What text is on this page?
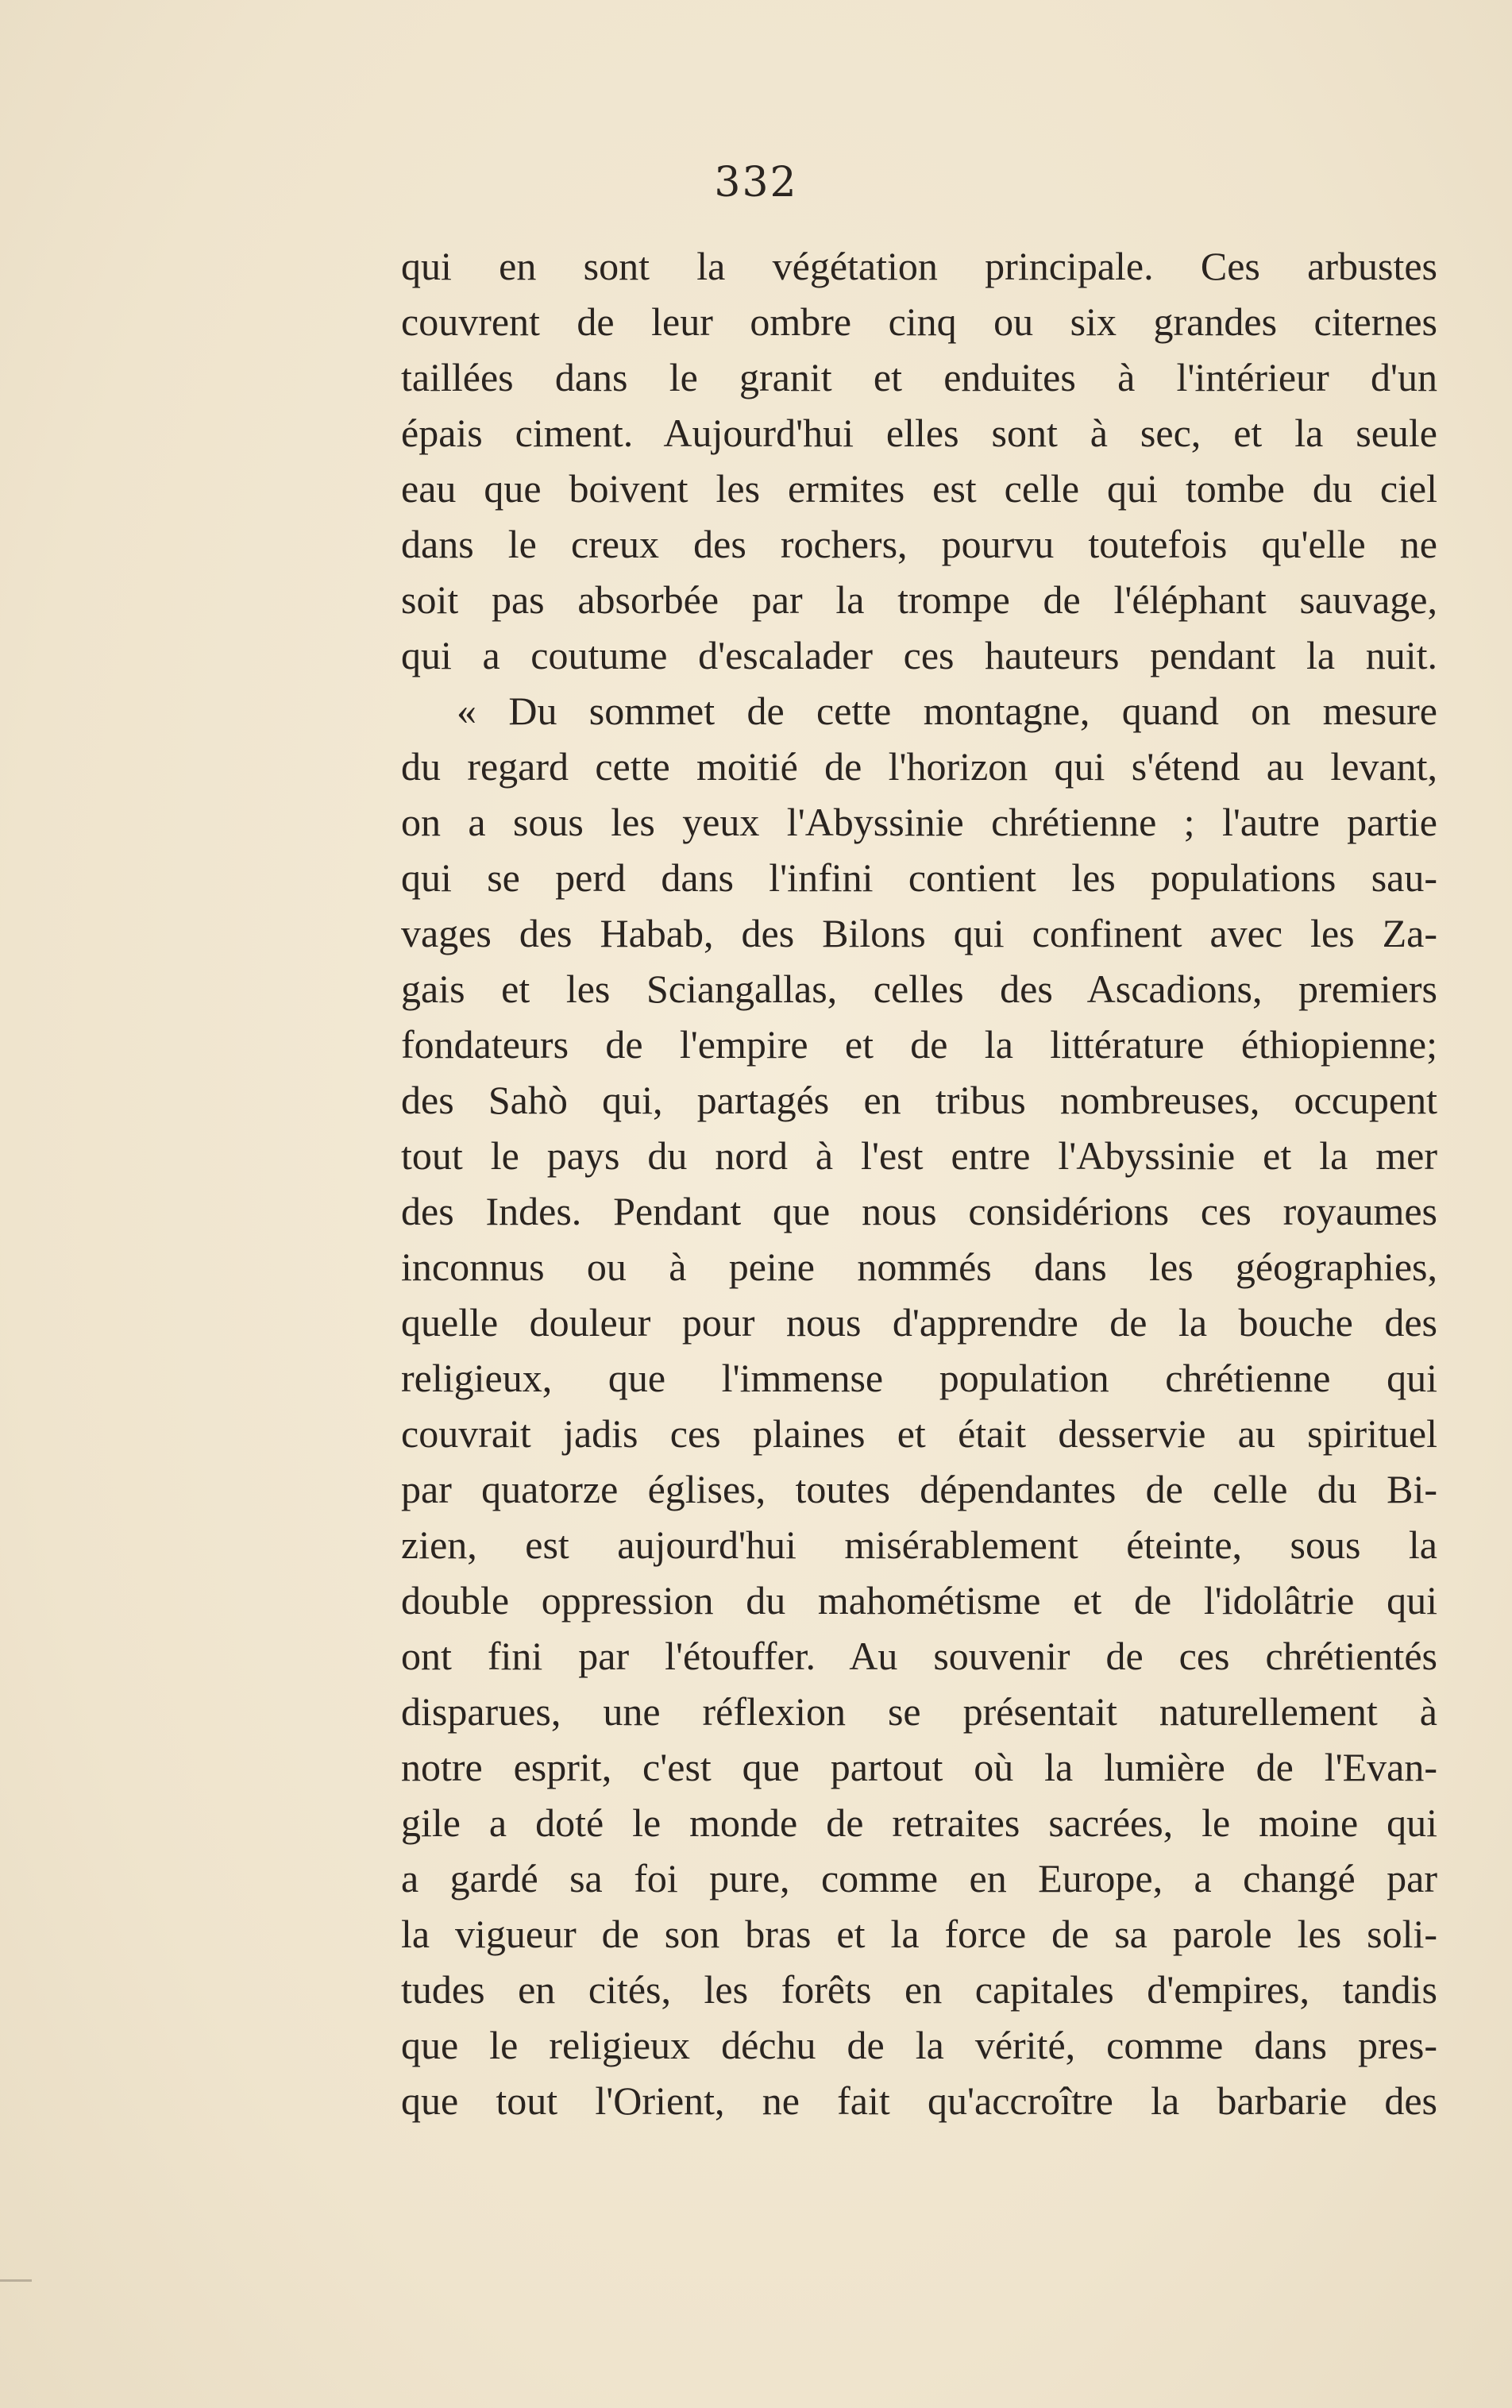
332
qui en sont la végétation principale. Ces arbustes
couvrent de leur ombre cinq ou six grandes citernes
taillées dans le granit et enduites à l'intérieur d'un
épais ciment. Aujourd'hui elles sont à sec, et la seule
eau que boivent les ermites est celle qui tombe du ciel
dans le creux des rochers, pourvu toutefois qu'elle ne
soit pas absorbée par la trompe de l'éléphant sauvage,
qui a coutume d'escalader ces hauteurs pendant la nuit.
« Du sommet de cette montagne, quand on mesure
du regard cette moitié de l'horizon qui s'étend au levant,
on a sous les yeux l'Abyssinie chrétienne ; l'autre partie
qui se perd dans l'infini contient les populations sau-
vages des Habab, des Bilons qui confinent avec les Za-
gais et les Sciangallas, celles des Ascadions, premiers
fondateurs de l'empire et de la littérature éthiopienne;
des Sahò qui, partagés en tribus nombreuses, occupent
tout le pays du nord à l'est entre l'Abyssinie et la mer
des Indes. Pendant que nous considérions ces royaumes
inconnus ou à peine nommés dans les géographies,
quelle douleur pour nous d'apprendre de la bouche des
religieux, que l'immense population chrétienne qui
couvrait jadis ces plaines et était desservie au spirituel
par quatorze églises, toutes dépendantes de celle du Bi-
zien, est aujourd'hui misérablement éteinte, sous la
double oppression du mahométisme et de l'idolâtrie qui
ont fini par l'étouffer. Au souvenir de ces chrétientés
disparues, une réflexion se présentait naturellement à
notre esprit, c'est que partout où la lumière de l'Evan-
gile a doté le monde de retraites sacrées, le moine qui
a gardé sa foi pure, comme en Europe, a changé par
la vigueur de son bras et la force de sa parole les soli-
tudes en cités, les forêts en capitales d'empires, tandis
que le religieux déchu de la vérité, comme dans pres-
que tout l'Orient, ne fait qu'accroître la barbarie des
